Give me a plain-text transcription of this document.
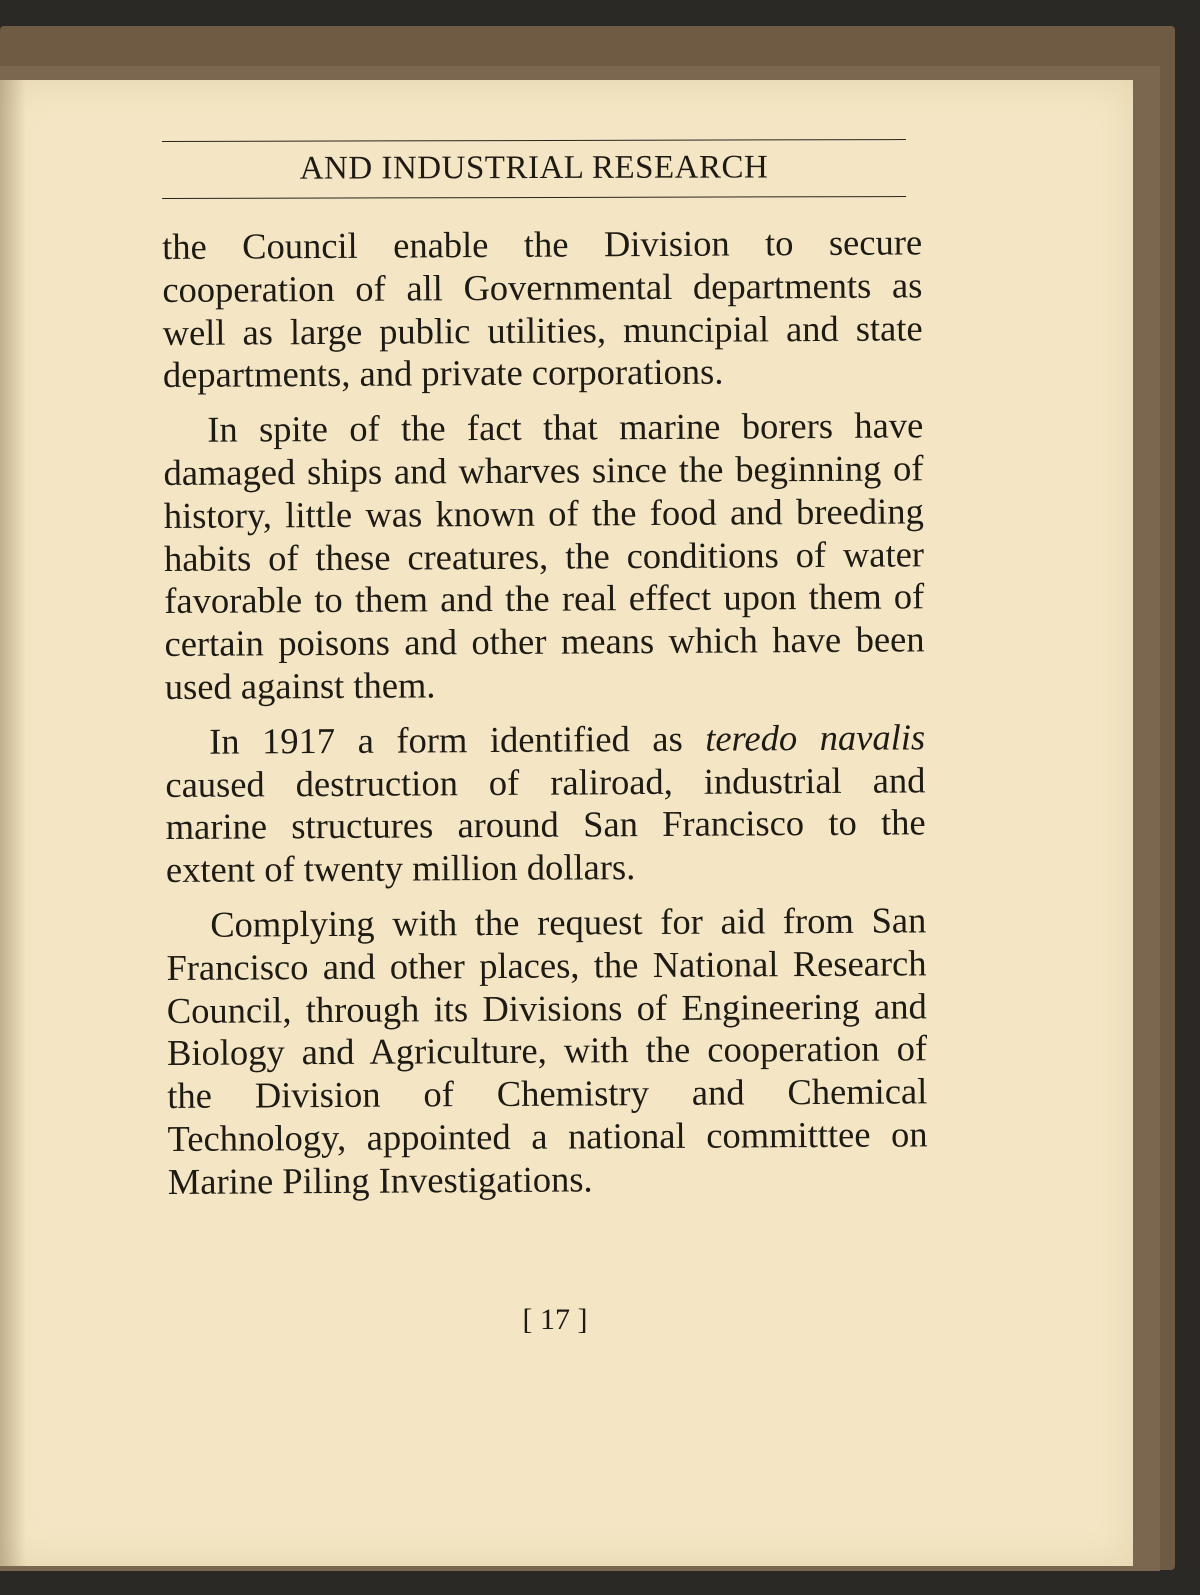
AND INDUSTRIAL RESEARCH

the Council enable the Division to secure cooperation of all Governmental departments as well as large public utilities, muncipial and state departments, and private corporations.

In spite of the fact that marine borers have damaged ships and wharves since the beginning of history, little was known of the food and breeding habits of these creatures, the conditions of water favorable to them and the real effect upon them of certain poisons and other means which have been used against them.

In 1917 a form identified as teredo navalis caused destruction of raliroad, industrial and marine structures around San Francisco to the extent of twenty million dollars.

Complying with the request for aid from San Francisco and other places, the National Research Council, through its Divisions of Engineering and Biology and Agriculture, with the cooperation of the Division of Chemistry and Chemical Technology, appointed a national committtee on Marine Piling Investigations.

[ 17 ]
